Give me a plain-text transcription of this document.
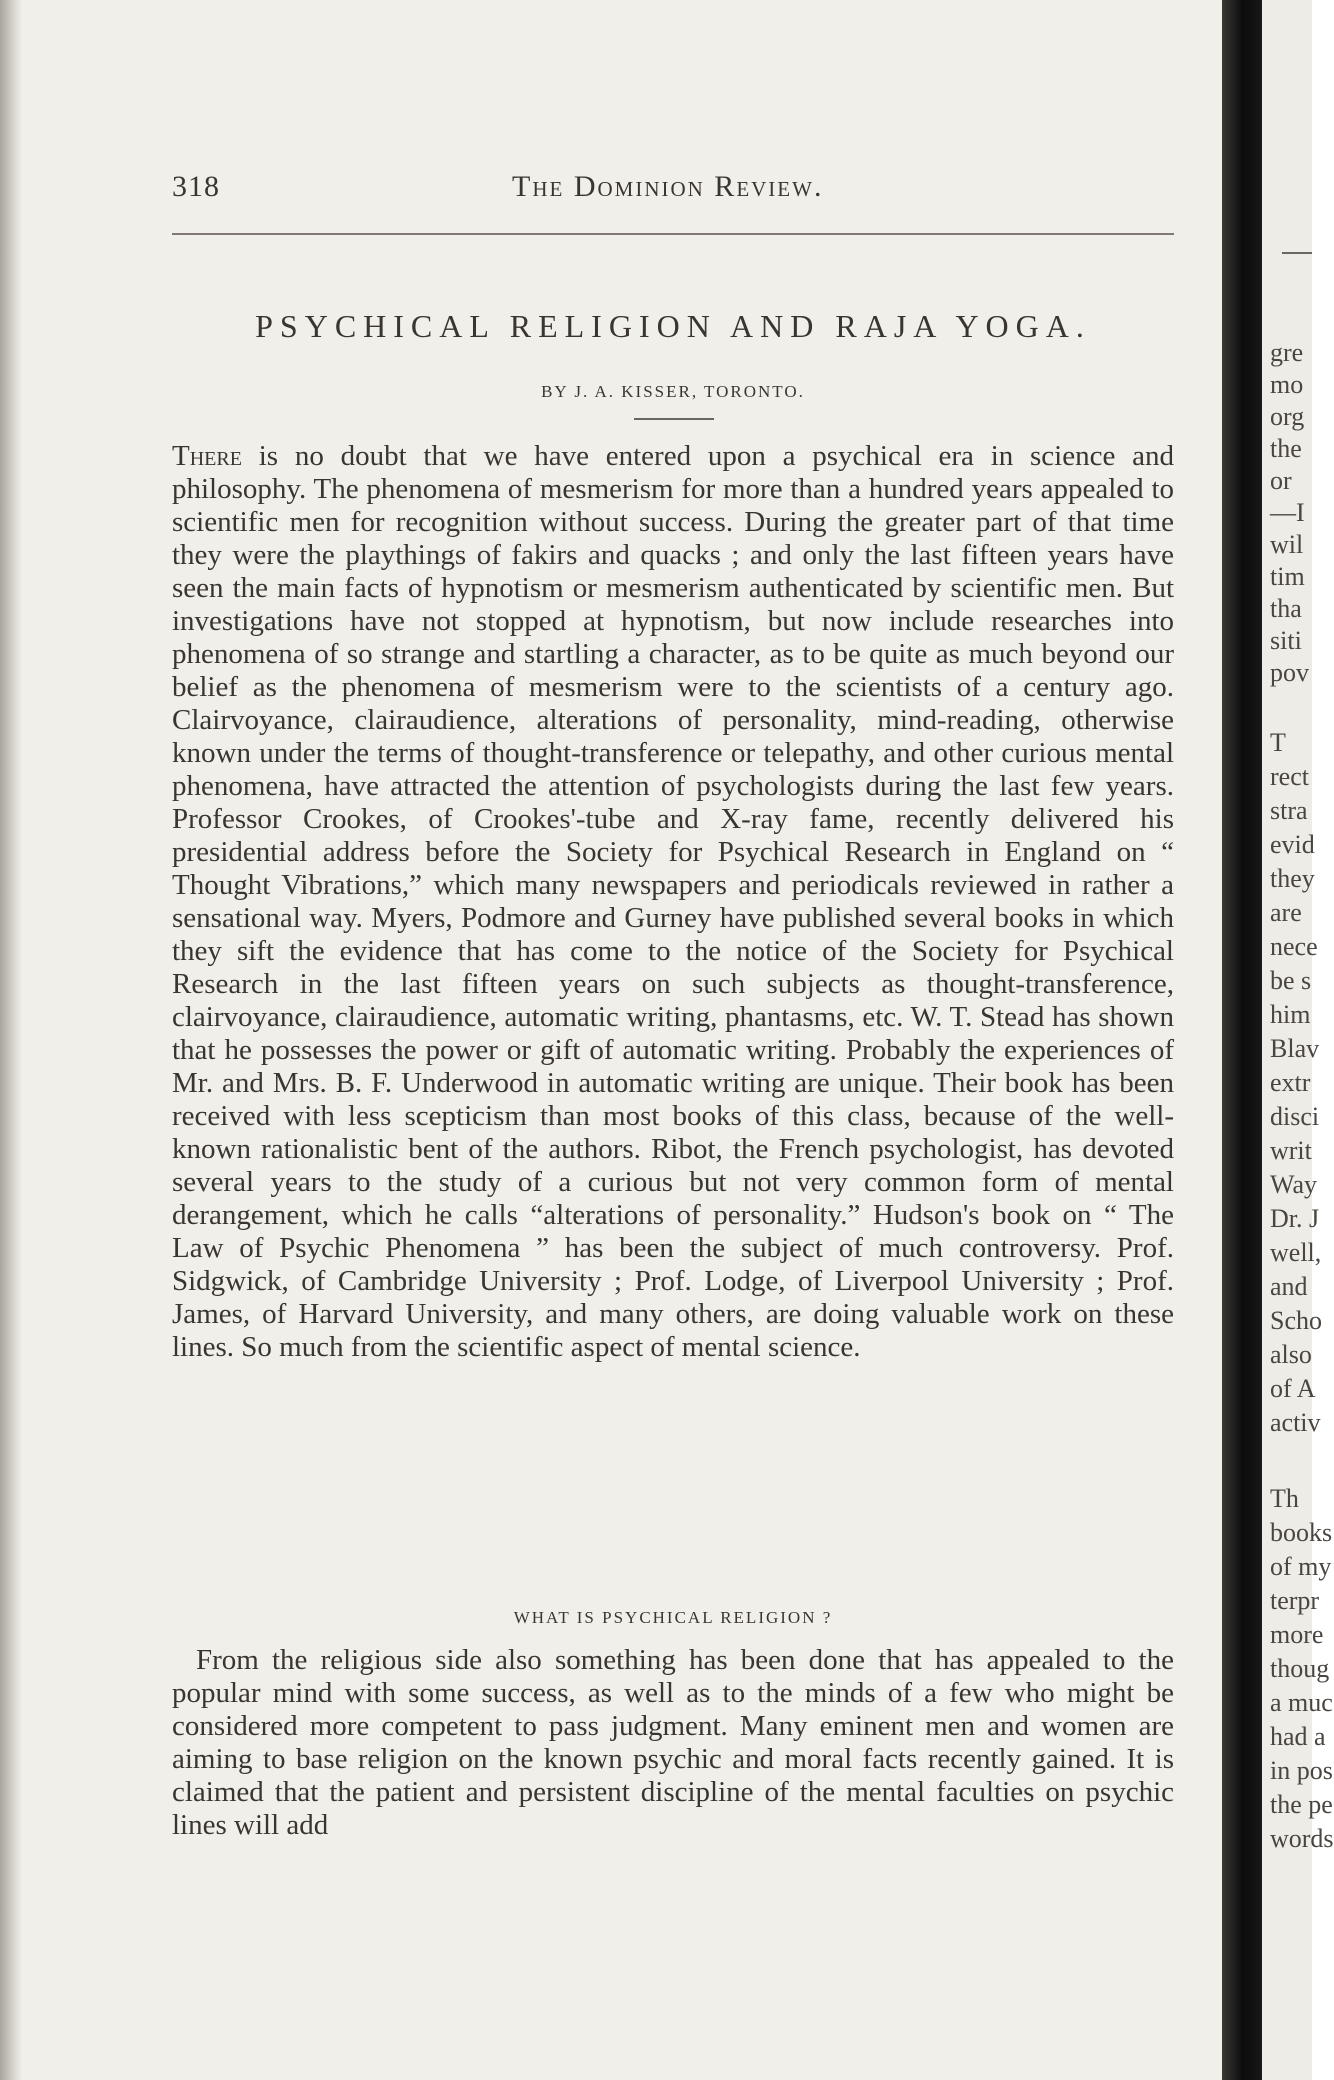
318	The Dominion Review.
PSYCHICAL RELIGION AND RAJA YOGA.
BY J. A. KISSER, TORONTO.

There is no doubt that we have entered upon a psychical era in science and philosophy. The phenomena of mesmerism for more than a hundred years appealed to scientific men for recognition without success. During the greater part of that time they were the playthings of fakirs and quacks ; and only the last fifteen years have seen the main facts of hypnotism or mesmerism authenticated by scientific men. But investigations have not stopped at hypnotism, but now include researches into phenomena of so strange and startling a character, as to be quite as much beyond our belief as the phenomena of mesmerism were to the scientists of a century ago. Clairvoyance, clairaudience, alterations of personality, mind-reading, otherwise known under the terms of thought-transference or telepathy, and other curious mental phenomena, have attracted the attention of psychologists during the last few years. Professor Crookes, of Crookes'-tube and X-ray fame, recently delivered his presidential address before the Society for Psychical Research in England on “ Thought Vibrations,” which many newspapers and periodicals reviewed in rather a sensational way. Myers, Podmore and Gurney have published several books in which they sift the evidence that has come to the notice of the Society for Psychical Research in the last fifteen years on such subjects as thought-transference, clairvoyance, clairaudience, automatic writing, phantasms, etc. W. T. Stead has shown that he possesses the power or gift of automatic writing. Probably the experiences of Mr. and Mrs. B. F. Underwood in automatic writing are unique. Their book has been received with less scepticism than most books of this class, because of the well-known rationalistic bent of the authors. Ribot, the French psychologist, has devoted several years to the study of a curious but not very common form of mental derangement, which he calls “alterations of personality.” Hudson's book on “ The Law of Psychic Phenomena ” has been the subject of much controversy. Prof. Sidgwick, of Cambridge University ; Prof. Lodge, of Liverpool University ; Prof. James, of Harvard University, and many others, are doing valuable work on these lines. So much from the scientific aspect of mental science.

WHAT IS PSYCHICAL RELIGION ?

From the religious side also something has been done that has appealed to the popular mind with some success, as well as to the minds of a few who might be considered more competent to pass judgment. Many eminent men and women are aiming to base religion on the known psychic and moral facts recently gained. It is claimed that the patient and persistent discipline of the mental faculties on psychic lines will add

gre
mo
org
the
or
—I
wil
tim
tha
siti
pov
T
rect
stra
evid
they
are
nece
be s
him
Blav
extr
disci
writ
Way
Dr. J
well,
and
Scho
also
of A
activ
Th
books
of my
terpr
more
thoug
a muc
had a
in pos
the pe
words
